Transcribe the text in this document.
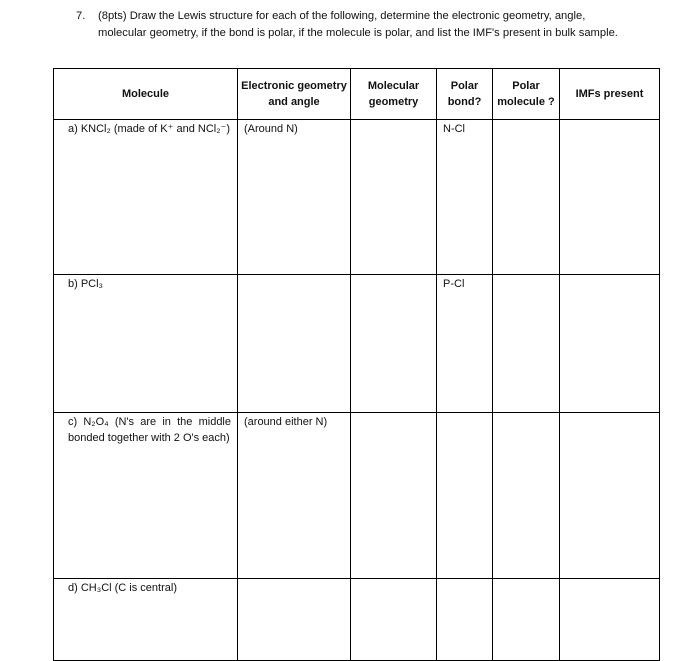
7. (8pts) Draw the Lewis structure for each of the following, determine the electronic geometry, angle, molecular geometry, if the bond is polar, if the molecule is polar, and list the IMF's present in bulk sample.
Molecule	Electronic geometry and angle	Molecular geometry	Polar bond?	Polar molecule ?	IMFs present
a) KNCl₂ (made of K⁺ and NCl₂⁻)	(Around N)		N-Cl		
b) PCl₃			P-Cl		
c) N₂O₄ (N's are in the middle bonded together with 2 O's each)	(around either N)				
d) CH₃Cl (C is central)					
